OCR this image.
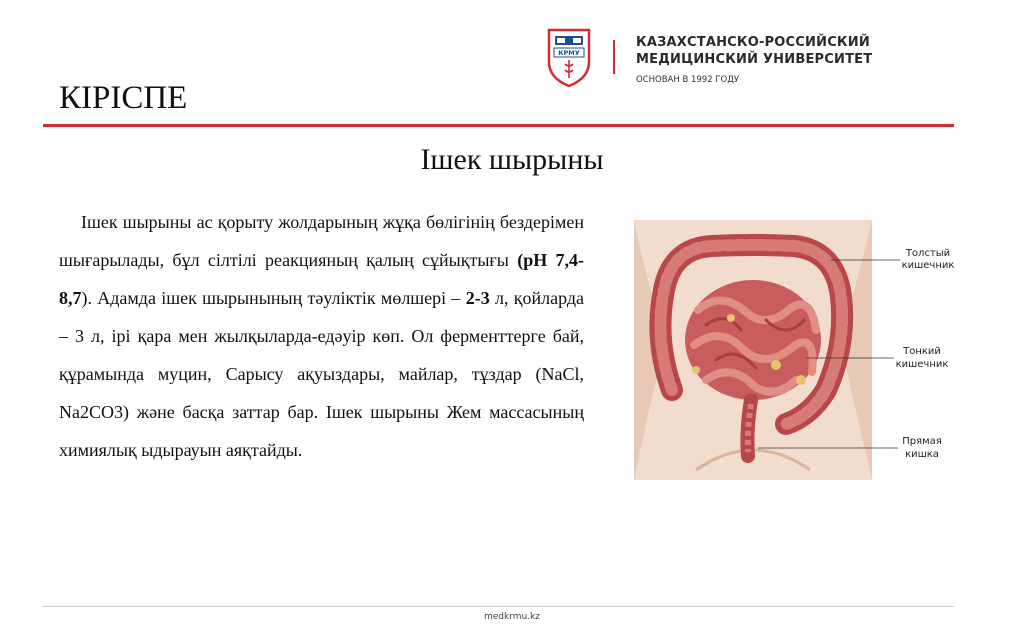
КРМУ
КАЗАХСТАНСКО-РОССИЙСКИЙ
МЕДИЦИНСКИЙ УНИВЕРСИТЕТ
ОСНОВАН В 1992 ГОДУ
КІРІСПЕ
Ішек шырыны

Ішек шырыны ас қорыту жолдарының жұқа бөлігінің бездерімен шығарылады, бұл сілтілі реакцияның қалың сұйықтығы (рН 7,4-8,7). Адамда ішек шырынының тәуліктік мөлшері – 2-3 л, қойларда – 3 л, ірі қара мен жылқыларда-едәуір көп. Ол ферменттерге бай, құрамында муцин, Сарысу ақуыздары, майлар, тұздар (NaCl, Na2CO3) және басқа заттар бар. Ішек шырыны Жем массасының химиялық ыдырауын аяқтайды.

Толстый
кишечник
Тонкий
кишечник
Прямая
кишка
medkrmu.kz
